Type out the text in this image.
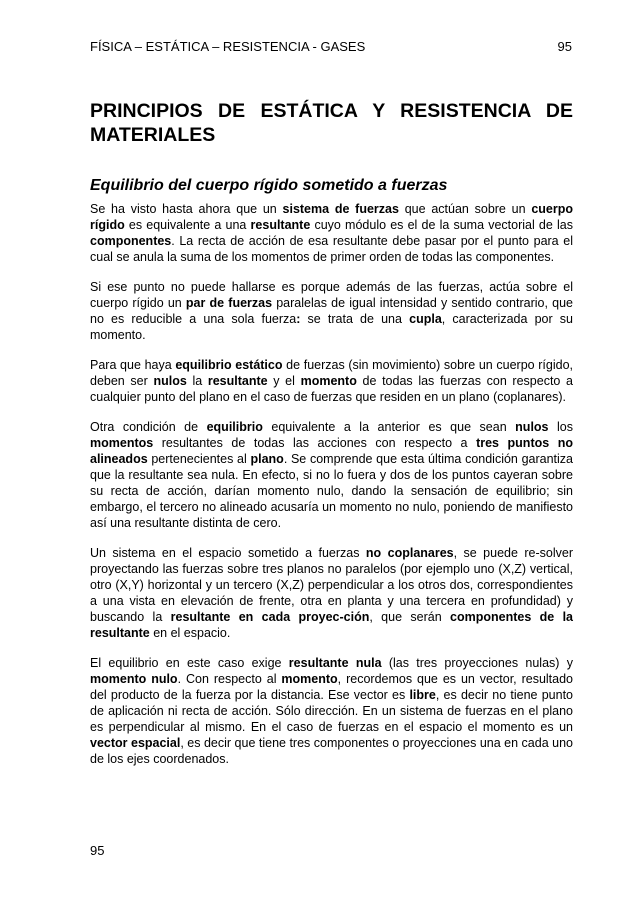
FÍSICA – ESTÁTICA – RESISTENCIA - GASES	95
PRINCIPIOS DE ESTÁTICA Y RESISTENCIA DE MATERIALES
Equilibrio del cuerpo rígido sometido a fuerzas

Se ha visto hasta ahora que un sistema de fuerzas que actúan sobre un cuerpo rígido es equivalente a una resultante cuyo módulo es el de la suma vectorial de las componentes. La recta de acción de esa resultante debe pasar por el punto para el cual se anula la suma de los momentos de primer orden de todas las componentes.

Si ese punto no puede hallarse es porque además de las fuerzas, actúa sobre el cuerpo rígido un par de fuerzas paralelas de igual intensidad y sentido contrario, que no es reducible a una sola fuerza: se trata de una cupla, caracterizada por su momento.

Para que haya equilibrio estático de fuerzas (sin movimiento) sobre un cuerpo rígido, deben ser nulos la resultante y el momento de todas las fuerzas con respecto a cualquier punto del plano en el caso de fuerzas que residen en un plano (coplanares).

Otra condición de equilibrio equivalente a la anterior es que sean nulos los momentos resultantes de todas las acciones con respecto a tres puntos no alineados pertenecientes al plano. Se comprende que esta última condición garantiza que la resultante sea nula. En efecto, si no lo fuera y dos de los puntos cayeran sobre su recta de acción, darían momento nulo, dando la sensación de equilibrio; sin embargo, el tercero no alineado acusaría un momento no nulo, poniendo de manifiesto así una resultante distinta de cero.

Un sistema en el espacio sometido a fuerzas no coplanares, se puede re-solver proyectando las fuerzas sobre tres planos no paralelos (por ejemplo uno (X,Z) vertical, otro (X,Y) horizontal y un tercero (X,Z) perpendicular a los otros dos, correspondientes a una vista en elevación de frente, otra en planta y una tercera en profundidad) y buscando la resultante en cada proyec-ción, que serán componentes de la resultante en el espacio.

El equilibrio en este caso exige resultante nula (las tres proyecciones nulas) y momento nulo. Con respecto al momento, recordemos que es un vector, resultado del producto de la fuerza por la distancia. Ese vector es libre, es decir no tiene punto de aplicación ni recta de acción. Sólo dirección. En un sistema de fuerzas en el plano es perpendicular al mismo. En el caso de fuerzas en el espacio el momento es un vector espacial, es decir que tiene tres componentes o proyecciones una en cada uno de los ejes coordenados.

95
